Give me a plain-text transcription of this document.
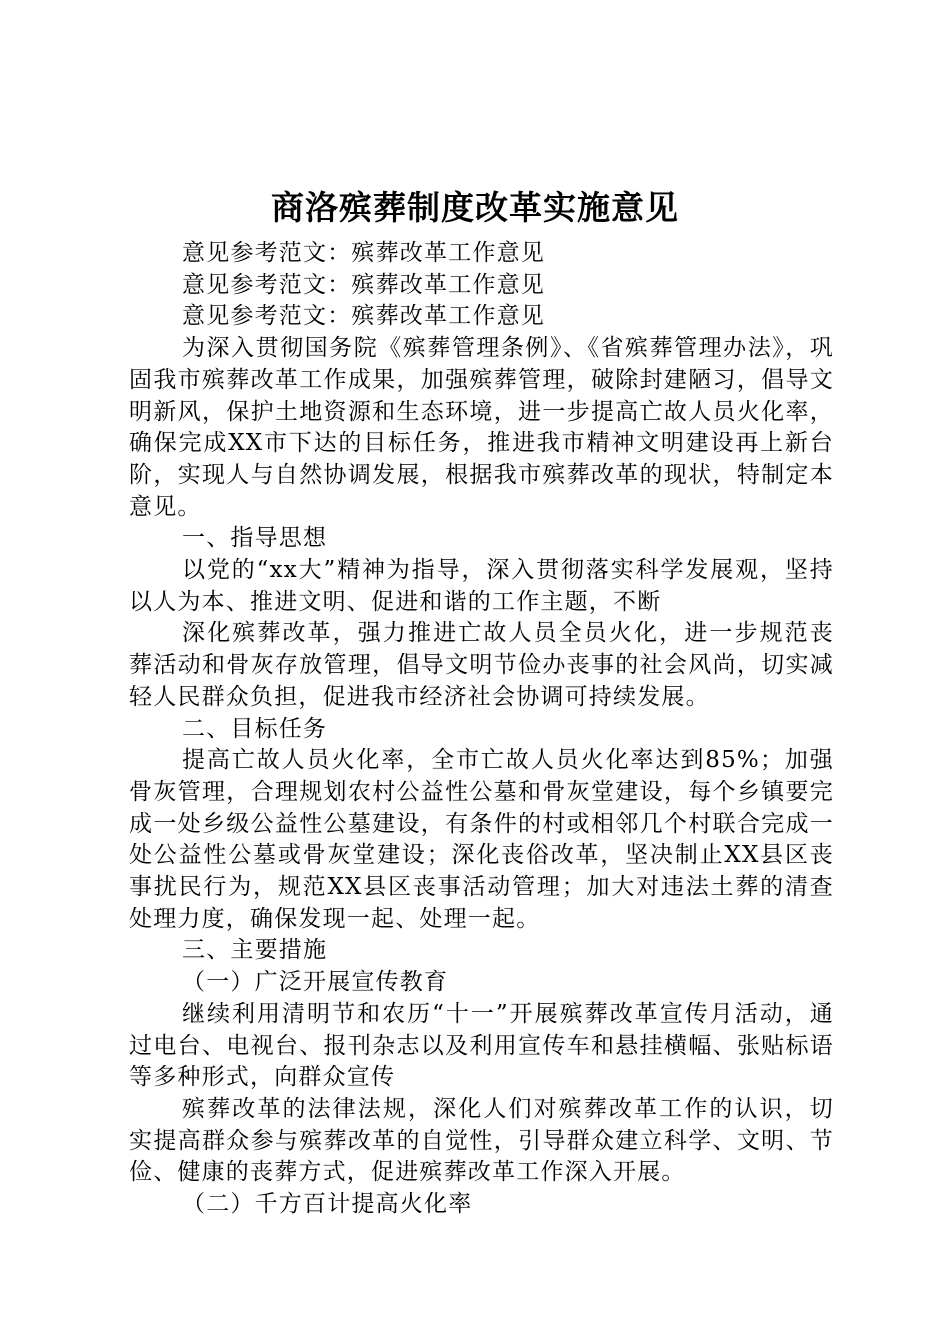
商洛殡葬制度改革实施意见

意见参考范文：殡葬改革工作意见

意见参考范文：殡葬改革工作意见

意见参考范文：殡葬改革工作意见

为深入贯彻国务院《殡葬管理条例》、《省殡葬管理办法》，巩固我市殡葬改革工作成果，加强殡葬管理，破除封建陋习，倡导文明新风，保护土地资源和生态环境，进一步提高亡故人员火化率，确保完成XX市下达的目标任务，推进我市精神文明建设再上新台阶，实现人与自然协调发展，根据我市殡葬改革的现状，特制定本意见。

一、指导思想

以党的“xx大”精神为指导，深入贯彻落实科学发展观，坚持以人为本、推进文明、促进和谐的工作主题，不断

深化殡葬改革，强力推进亡故人员全员火化，进一步规范丧葬活动和骨灰存放管理，倡导文明节俭办丧事的社会风尚，切实减轻人民群众负担，促进我市经济社会协调可持续发展。

二、目标任务

提高亡故人员火化率，全市亡故人员火化率达到85%；加强骨灰管理，合理规划农村公益性公墓和骨灰堂建设，每个乡镇要完成一处乡级公益性公墓建设，有条件的村或相邻几个村联合完成一处公益性公墓或骨灰堂建设；深化丧俗改革，坚决制止XX县区丧事扰民行为，规范XX县区丧事活动管理；加大对违法土葬的清查处理力度，确保发现一起、处理一起。

三、主要措施

（一）广泛开展宣传教育

继续利用清明节和农历“十一”开展殡葬改革宣传月活动，通过电台、电视台、报刊杂志以及利用宣传车和悬挂横幅、张贴标语等多种形式，向群众宣传

殡葬改革的法律法规，深化人们对殡葬改革工作的认识，切实提高群众参与殡葬改革的自觉性，引导群众建立科学、文明、节俭、健康的丧葬方式，促进殡葬改革工作深入开展。

（二）千方百计提高火化率
